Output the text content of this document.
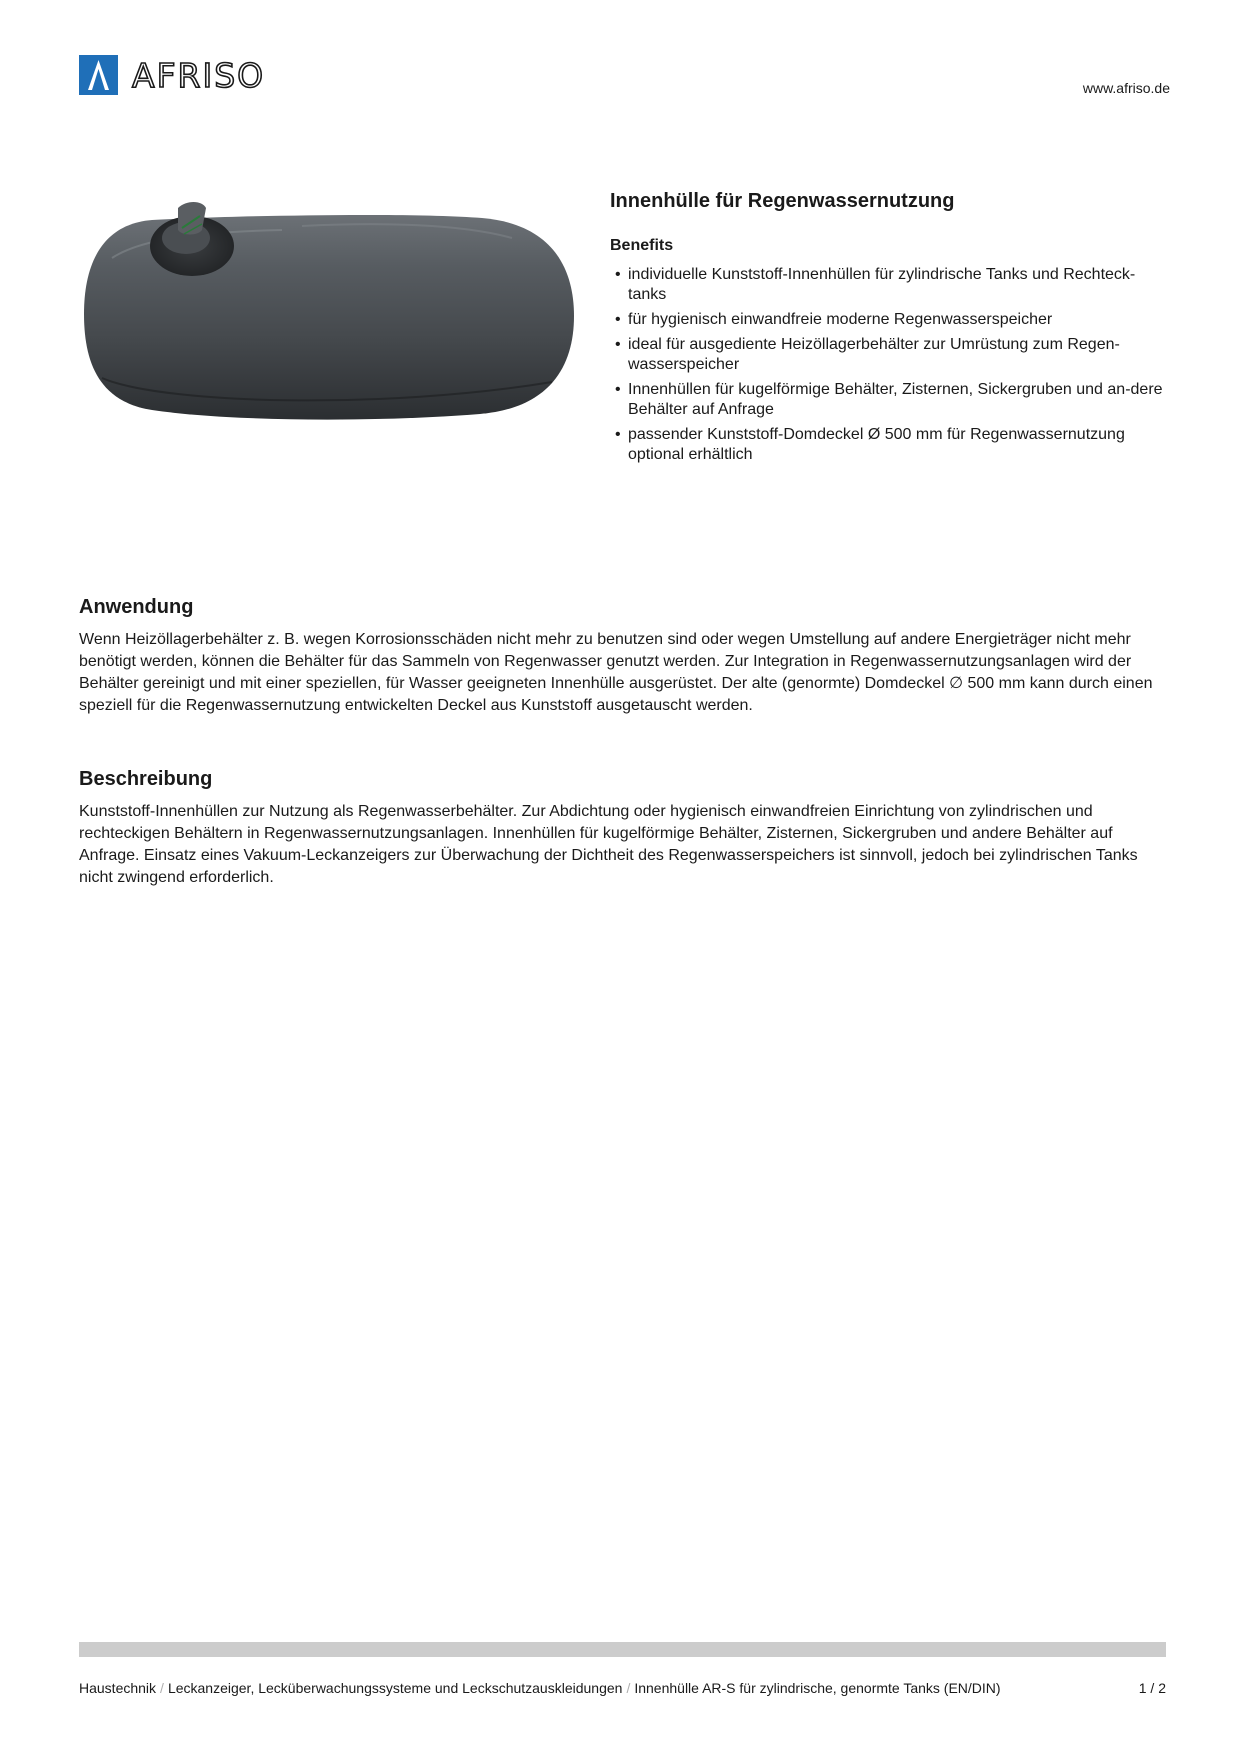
AFRISO	www.afriso.de
Innenhülle für Regenwassernutzung
Benefits
• individuelle Kunststoff-Innenhüllen für zylindrische Tanks und Rechteck-tanks
• für hygienisch einwandfreie moderne Regenwasserspeicher
• ideal für ausgediente Heizöllagerbehälter zur Umrüstung zum Regen-wasserspeicher
• Innenhüllen für kugelförmige Behälter, Zisternen, Sickergruben und an-dere Behälter auf Anfrage
• passender Kunststoff-Domdeckel Ø 500 mm für Regenwassernutzung optional erhältlich
Anwendung

Wenn Heizöllagerbehälter z. B. wegen Korrosionsschäden nicht mehr zu benutzen sind oder wegen Umstellung auf andere Energieträger nicht mehr benötigt werden, können die Behälter für das Sammeln von Regenwasser genutzt werden. Zur Integration in Regenwassernutzungsanlagen wird der Behälter gereinigt und mit einer speziellen, für Wasser geeigneten Innenhülle ausgerüstet. Der alte (genormte) Domdeckel ∅ 500 mm kann durch einen speziell für die Regenwassernutzung entwickelten Deckel aus Kunststoff ausgetauscht werden.

Beschreibung

Kunststoff-Innenhüllen zur Nutzung als Regenwasserbehälter. Zur Abdichtung oder hygienisch einwandfreien Einrichtung von zylindrischen und rechteckigen Behältern in Regenwassernutzungsanlagen. Innenhüllen für kugelförmige Behälter, Zisternen, Sickergruben und andere Behälter auf Anfrage. Einsatz eines Vakuum-Leckanzeigers zur Überwachung der Dichtheit des Regenwasserspeichers ist sinnvoll, jedoch bei zylindrischen Tanks nicht zwingend erforderlich.

Haustechnik / Leckanzeiger, Lecküberwachungssysteme und Leckschutzauskleidungen / Innenhülle AR-S für zylindrische, genormte Tanks (EN/DIN)	1 / 2
